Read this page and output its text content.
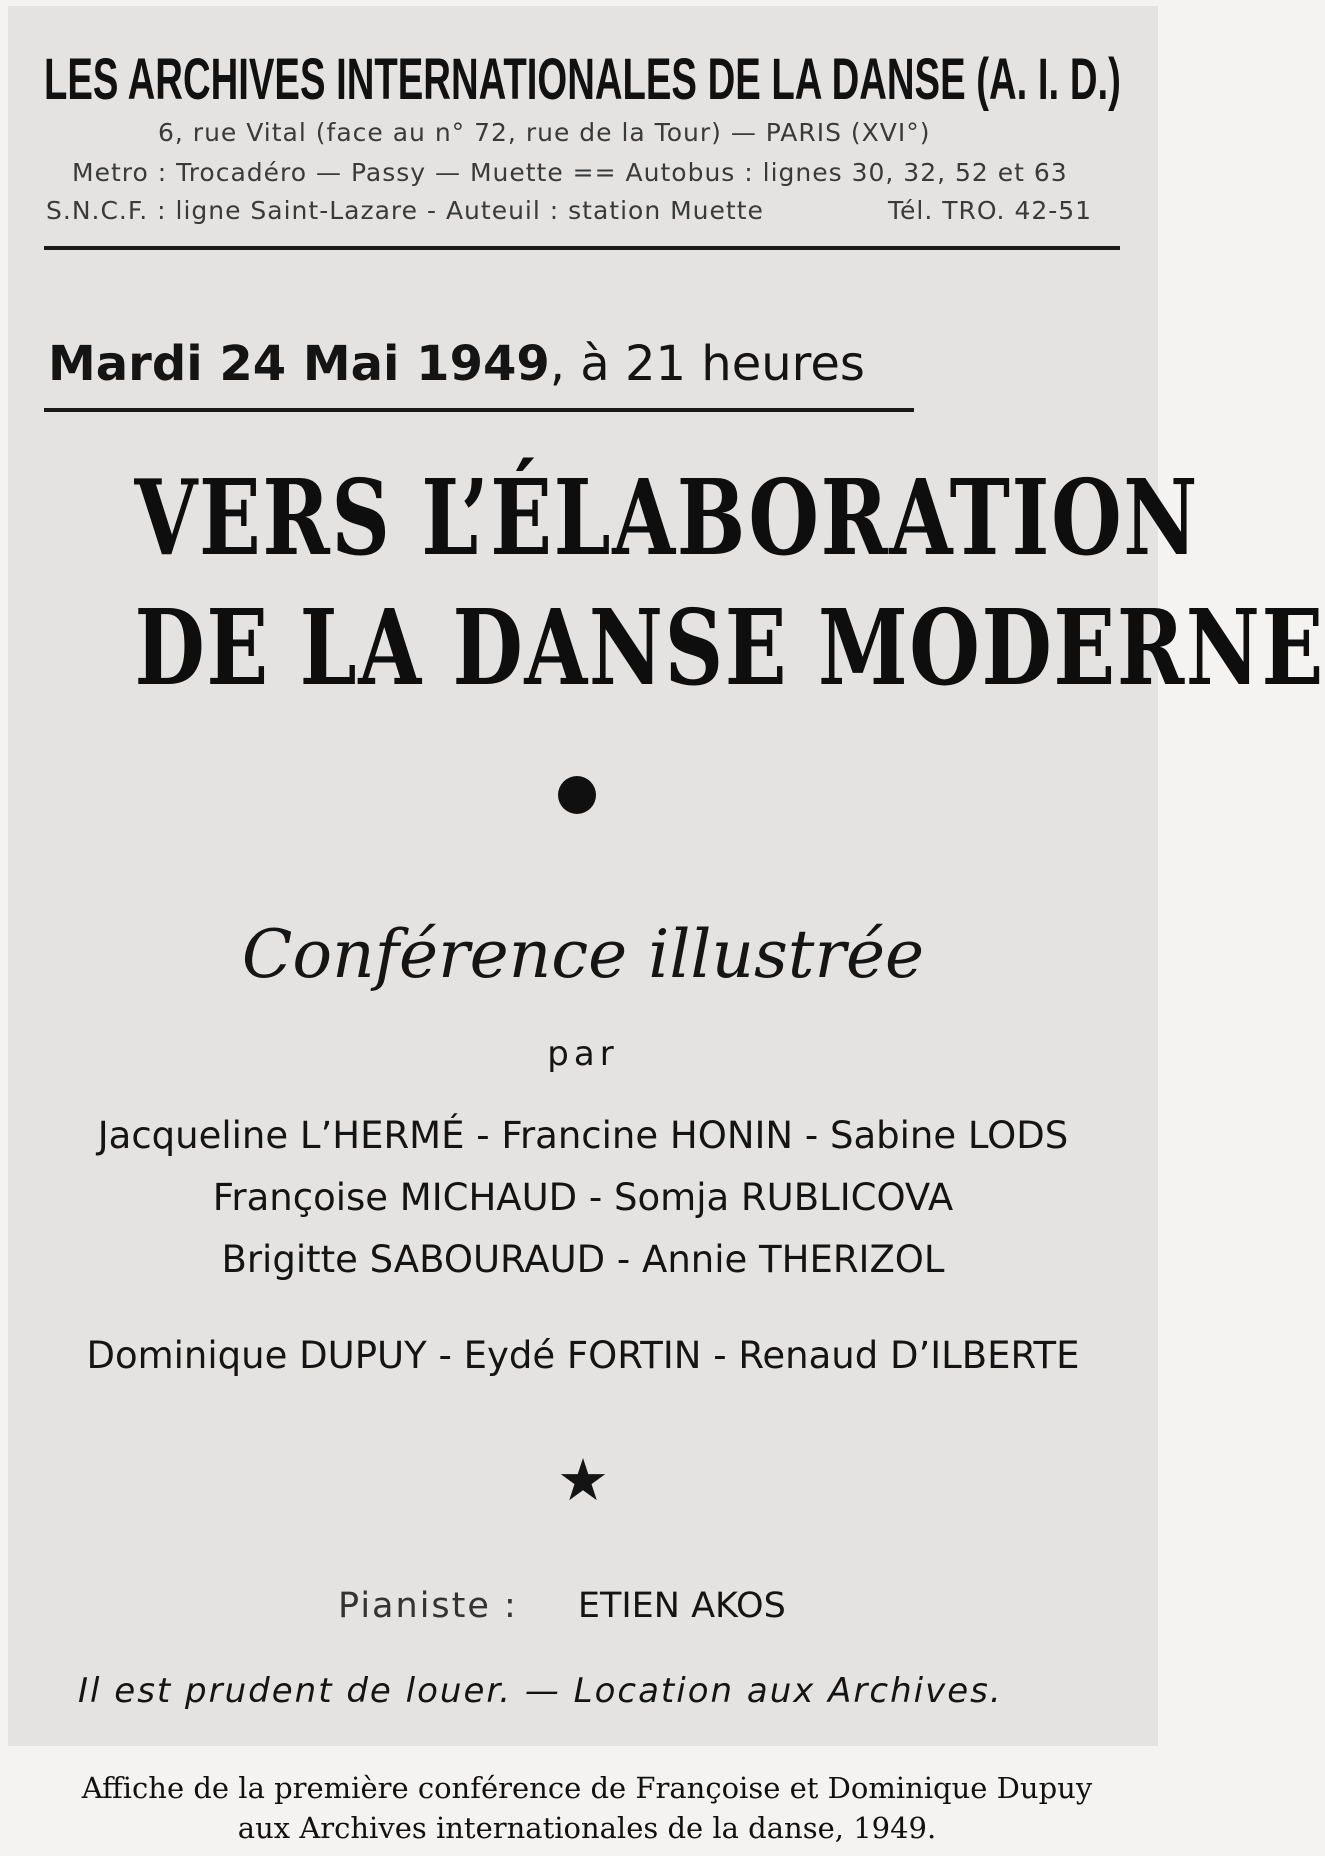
LES ARCHIVES INTERNATIONALES DE LA DANSE (A. I. D.)
6, rue Vital (face au n° 72, rue de la Tour) — PARIS (XVI°)
Metro : Trocadéro — Passy — Muette == Autobus : lignes 30, 32, 52 et 63
S.N.C.F. : ligne Saint-Lazare - Auteuil : station Muette	Tél. TRO. 42-51
Mardi 24 Mai 1949, à 21 heures
VERS L’ÉLABORATION
DE LA DANSE MODERNE
Conférence illustrée
par
Jacqueline L’HERMÉ - Francine HONIN - Sabine LODS
Françoise MICHAUD - Somja RUBLICOVA
Brigitte SABOURAUD - Annie THERIZOL
Dominique DUPUY - Eydé FORTIN - Renaud D’ILBERTE
★
Pianiste : ETIEN AKOS
Il est prudent de louer. — Location aux Archives.
Affiche de la première conférence de Françoise et Dominique Dupuy
aux Archives internationales de la danse, 1949.
